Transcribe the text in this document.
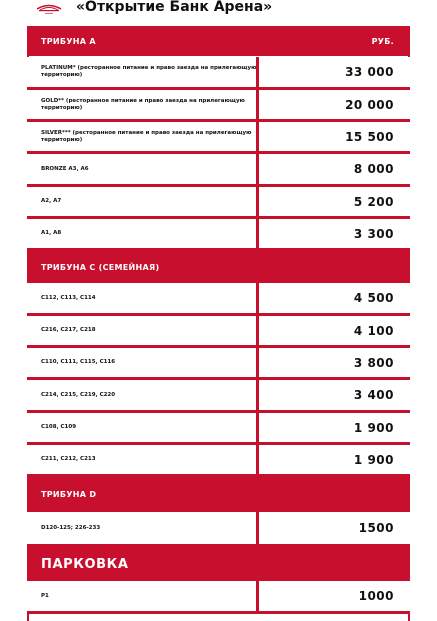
«Открытие Банк Арена»
ТРИБУНА A	РУБ.
PLATINUM* (ресторанное питание и право заезда на прилегающую территорию)	33 000
GOLD** (ресторанное питание и право заезда на прилегающую территорию)	20 000
SILVER*** (ресторанное питание и право заезда на прилегающую территорию)	15 500
BRONZE A3, A6	8 000
A2, A7	5 200
A1, A8	3 300
ТРИБУНА C (СЕМЕЙНАЯ)
C112, C113, C114	4 500
C216, C217, C218	4 100
C110, C111, C115, C116	3 800
C214, C215, C219, C220	3 400
C108, C109	1 900
C211, C212, C213	1 900
ТРИБУНА D
D120-125; 226-233	1500
ПАРКОВКА
P1	1000
